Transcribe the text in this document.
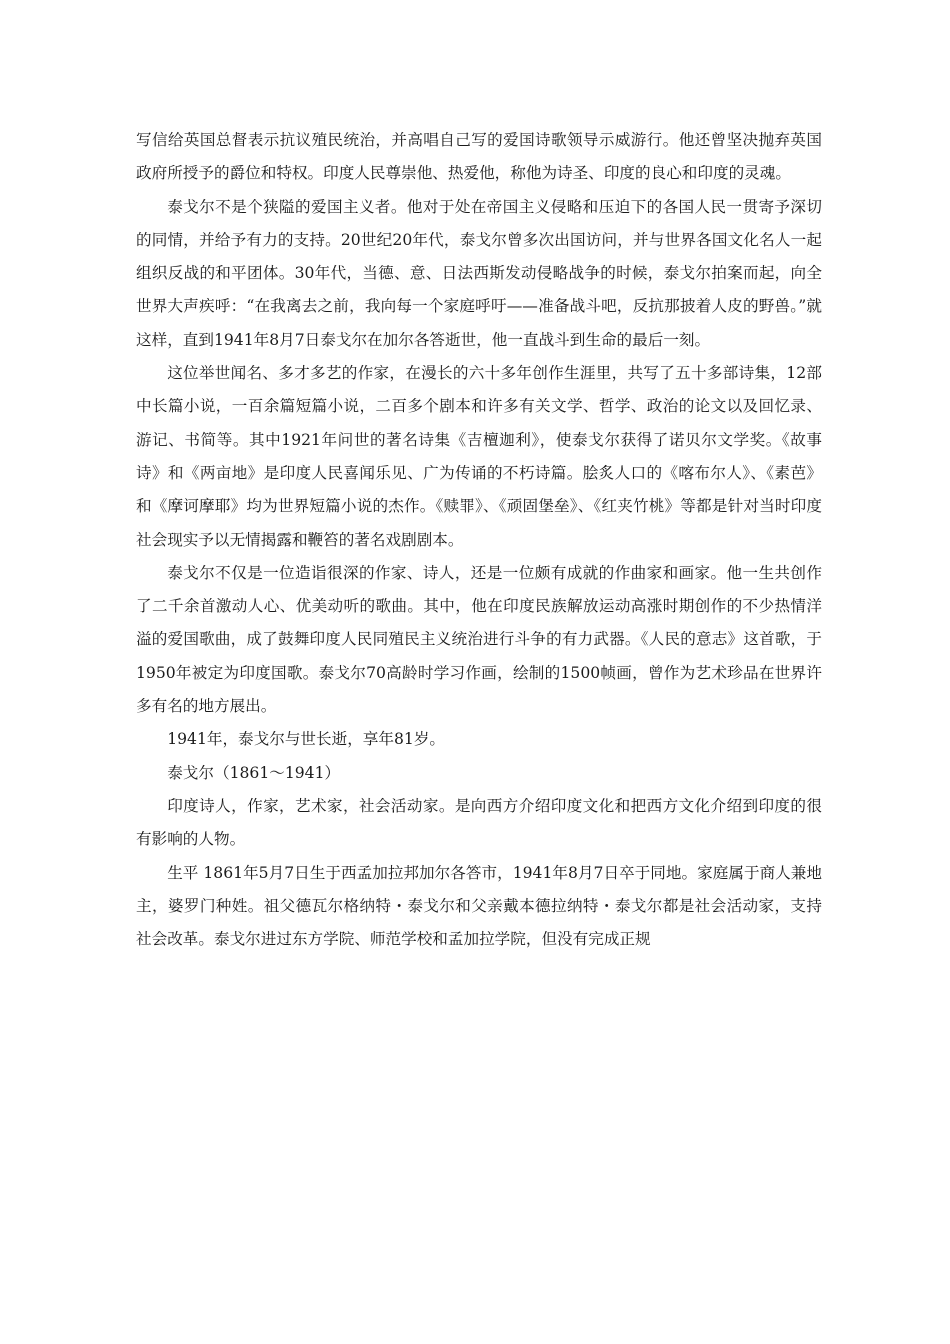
写信给英国总督表示抗议殖民统治，并高唱自己写的爱国诗歌领导示威游行。他还曾坚决抛弃英国政府所授予的爵位和特权。印度人民尊崇他、热爱他，称他为诗圣、印度的良心和印度的灵魂。

泰戈尔不是个狭隘的爱国主义者。他对于处在帝国主义侵略和压迫下的各国人民一贯寄予深切的同情，并给予有力的支持。20世纪20年代，泰戈尔曾多次出国访问，并与世界各国文化名人一起组织反战的和平团体。30年代，当德、意、日法西斯发动侵略战争的时候，泰戈尔拍案而起，向全世界大声疾呼：“在我离去之前，我向每一个家庭呼吁——准备战斗吧，反抗那披着人皮的野兽。”就这样，直到1941年8月7日泰戈尔在加尔各答逝世，他一直战斗到生命的最后一刻。

这位举世闻名、多才多艺的作家，在漫长的六十多年创作生涯里，共写了五十多部诗集，12部中长篇小说，一百余篇短篇小说，二百多个剧本和许多有关文学、哲学、政治的论文以及回忆录、游记、书简等。其中1921年问世的著名诗集《吉檀迦利》，使泰戈尔获得了诺贝尔文学奖。《故事诗》和《两亩地》是印度人民喜闻乐见、广为传诵的不朽诗篇。脍炙人口的《喀布尔人》、《素芭》和《摩诃摩耶》均为世界短篇小说的杰作。《赎罪》、《顽固堡垒》、《红夹竹桃》等都是针对当时印度社会现实予以无情揭露和鞭笞的著名戏剧剧本。

泰戈尔不仅是一位造诣很深的作家、诗人，还是一位颇有成就的作曲家和画家。他一生共创作了二千余首激动人心、优美动听的歌曲。其中，他在印度民族解放运动高涨时期创作的不少热情洋溢的爱国歌曲，成了鼓舞印度人民同殖民主义统治进行斗争的有力武器。《人民的意志》这首歌，于1950年被定为印度国歌。泰戈尔70高龄时学习作画，绘制的1500帧画，曾作为艺术珍品在世界许多有名的地方展出。

1941年，泰戈尔与世长逝，享年81岁。

泰戈尔（1861～1941）

印度诗人，作家，艺术家，社会活动家。是向西方介绍印度文化和把西方文化介绍到印度的很有影响的人物。

生平 1861年5月7日生于西孟加拉邦加尔各答市，1941年8月7日卒于同地。家庭属于商人兼地主，婆罗门种姓。祖父德瓦尔格纳特・泰戈尔和父亲戴本德拉纳特・泰戈尔都是社会活动家，支持社会改革。泰戈尔进过东方学院、师范学校和孟加拉学院，但没有完成正规
